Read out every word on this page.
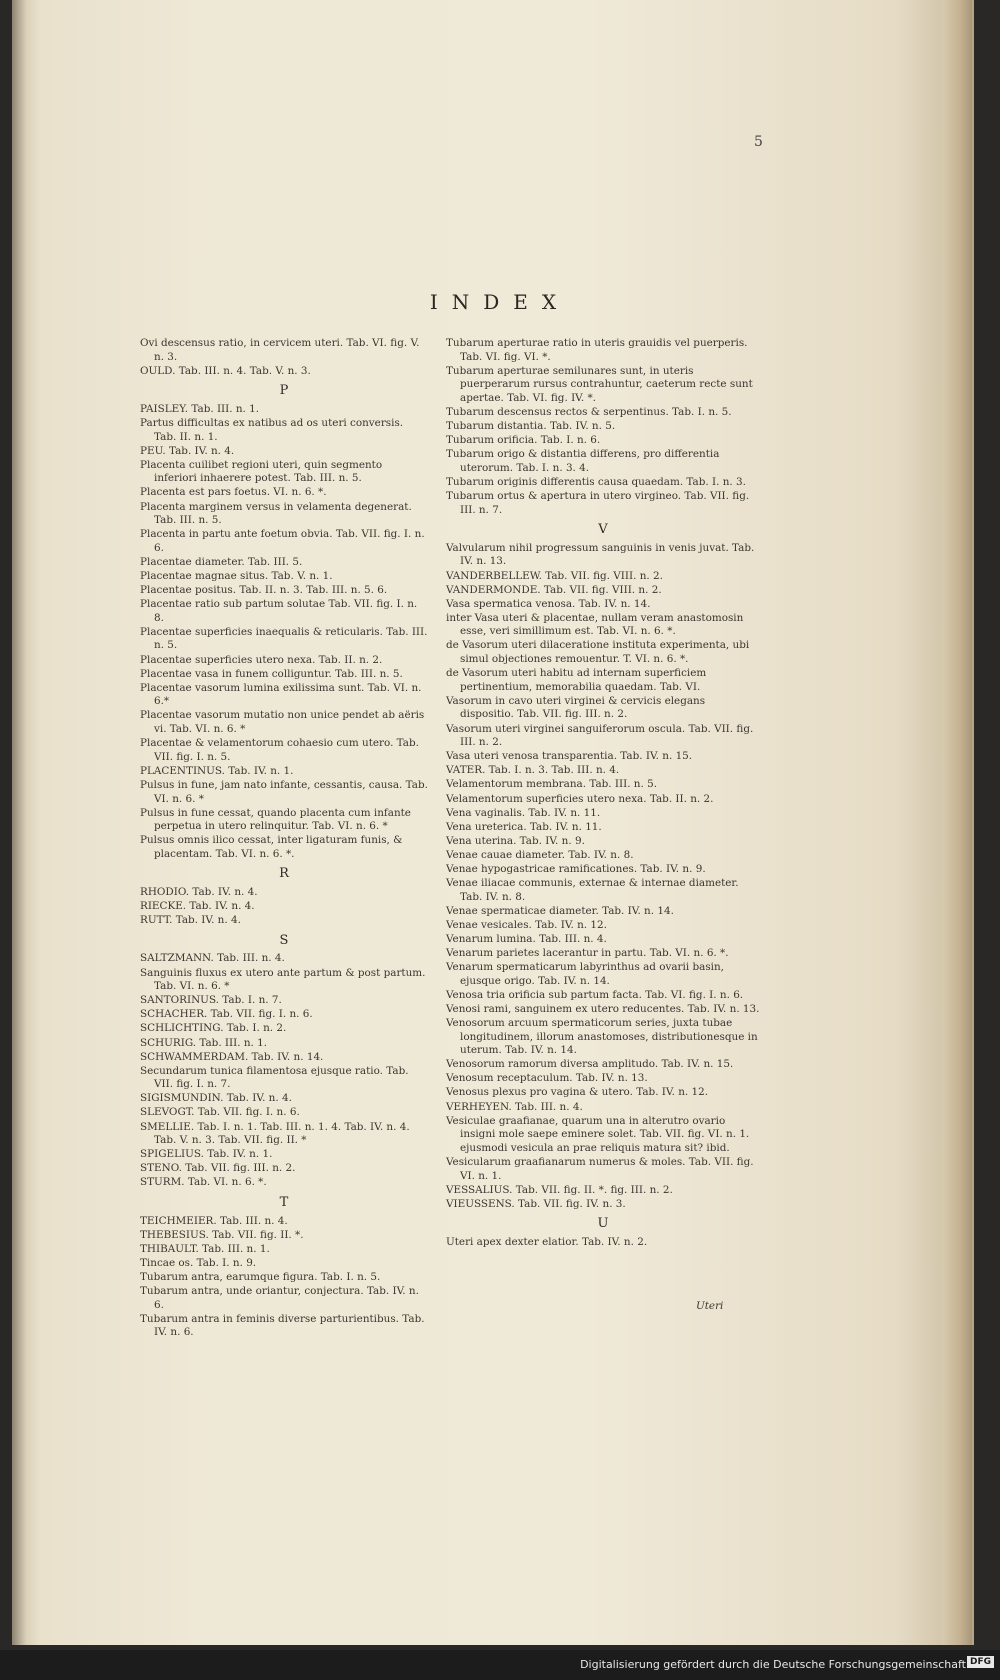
5
INDEX
Ovi descensus ratio, in cervicem uteri. Tab. VI. fig. V. n. 3.
OULD. Tab. III. n. 4. Tab. V. n. 3.
P
PAISLEY. Tab. III. n. 1.
Partus difficultas ex natibus ad os uteri conversis. Tab. II. n. 1.
PEU. Tab. IV. n. 4.
Placenta cuilibet regioni uteri, quin segmento inferiori inhaerere potest. Tab. III. n. 5.
Placenta est pars foetus. VI. n. 6. *.
Placenta marginem versus in velamenta degenerat. Tab. III. n. 5.
Placenta in partu ante foetum obvia. Tab. VII. fig. I. n. 6.
Placentae diameter. Tab. III. 5.
Placentae magnae situs. Tab. V. n. 1.
Placentae positus. Tab. II. n. 3. Tab. III. n. 5. 6.
Placentae ratio sub partum solutae Tab. VII. fig. I. n. 8.
Placentae superficies inaequalis & reticularis. Tab. III. n. 5.
Placentae superficies utero nexa. Tab. II. n. 2.
Placentae vasa in funem colliguntur. Tab. III. n. 5.
Placentae vasorum lumina exilissima sunt. Tab. VI. n. 6.*
Placentae vasorum mutatio non unice pendet ab aëris vi. Tab. VI. n. 6. *
Placentae & velamentorum cohaesio cum utero. Tab. VII. fig. I. n. 5.
PLACENTINUS. Tab. IV. n. 1.
Pulsus in fune, jam nato infante, cessantis, causa. Tab. VI. n. 6. *
Pulsus in fune cessat, quando placenta cum infante perpetua in utero relinquitur. Tab. VI. n. 6. *
Pulsus omnis ilico cessat, inter ligaturam funis, & placentam. Tab. VI. n. 6. *.
R
RHODIO. Tab. IV. n. 4.
RIECKE. Tab. IV. n. 4.
RUTT. Tab. IV. n. 4.
S
SALTZMANN. Tab. III. n. 4.
Sanguinis fluxus ex utero ante partum & post partum. Tab. VI. n. 6. *
SANTORINUS. Tab. I. n. 7.
SCHACHER. Tab. VII. fig. I. n. 6.
SCHLICHTING. Tab. I. n. 2.
SCHURIG. Tab. III. n. 1.
SCHWAMMERDAM. Tab. IV. n. 14.
Secundarum tunica filamentosa ejusque ratio. Tab. VII. fig. I. n. 7.
SIGISMUNDIN. Tab. IV. n. 4.
SLEVOGT. Tab. VII. fig. I. n. 6.
SMELLIE. Tab. I. n. 1. Tab. III. n. 1. 4. Tab. IV. n. 4. Tab. V. n. 3. Tab. VII. fig. II. *
SPIGELIUS. Tab. IV. n. 1.
STENO. Tab. VII. fig. III. n. 2.
STURM. Tab. VI. n. 6. *.
T
TEICHMEIER. Tab. III. n. 4.
THEBESIUS. Tab. VII. fig. II. *.
THIBAULT. Tab. III. n. 1.
Tincae os. Tab. I. n. 9.
Tubarum antra, earumque figura. Tab. I. n. 5.
Tubarum antra, unde oriantur, conjectura. Tab. IV. n. 6.
Tubarum antra in feminis diverse parturientibus. Tab. IV. n. 6.
Tubarum aperturae ratio in uteris grauidis vel puerperis. Tab. VI. fig. VI. *.
Tubarum aperturae semilunares sunt, in uteris puerperarum rursus contrahuntur, caeterum recte sunt apertae. Tab. VI. fig. IV. *.
Tubarum descensus rectos & serpentinus. Tab. I. n. 5.
Tubarum distantia. Tab. IV. n. 5.
Tubarum orificia. Tab. I. n. 6.
Tubarum origo & distantia differens, pro differentia uterorum. Tab. I. n. 3. 4.
Tubarum originis differentis causa quaedam. Tab. I. n. 3.
Tubarum ortus & apertura in utero virgineo. Tab. VII. fig. III. n. 7.
V
Valvularum nihil progressum sanguinis in venis juvat. Tab. IV. n. 13.
VANDERBELLEW. Tab. VII. fig. VIII. n. 2.
VANDERMONDE. Tab. VII. fig. VIII. n. 2.
Vasa spermatica venosa. Tab. IV. n. 14.
inter Vasa uteri & placentae, nullam veram anastomosin esse, veri simillimum est. Tab. VI. n. 6. *.
de Vasorum uteri dilaceratione instituta experimenta, ubi simul objectiones remouentur. T. VI. n. 6. *.
de Vasorum uteri habitu ad internam superficiem pertinentium, memorabilia quaedam. Tab. VI.
Vasorum in cavo uteri virginei & cervicis elegans dispositio. Tab. VII. fig. III. n. 2.
Vasorum uteri virginei sanguiferorum oscula. Tab. VII. fig. III. n. 2.
Vasa uteri venosa transparentia. Tab. IV. n. 15.
VATER. Tab. I. n. 3. Tab. III. n. 4.
Velamentorum membrana. Tab. III. n. 5.
Velamentorum superficies utero nexa. Tab. II. n. 2.
Vena vaginalis. Tab. IV. n. 11.
Vena ureterica. Tab. IV. n. 11.
Vena uterina. Tab. IV. n. 9.
Venae cauae diameter. Tab. IV. n. 8.
Venae hypogastricae ramificationes. Tab. IV. n. 9.
Venae iliacae communis, externae & internae diameter. Tab. IV. n. 8.
Venae spermaticae diameter. Tab. IV. n. 14.
Venae vesicales. Tab. IV. n. 12.
Venarum lumina. Tab. III. n. 4.
Venarum parietes lacerantur in partu. Tab. VI. n. 6. *.
Venarum spermaticarum labyrinthus ad ovarii basin, ejusque origo. Tab. IV. n. 14.
Venosa tria orificia sub partum facta. Tab. VI. fig. I. n. 6.
Venosi rami, sanguinem ex utero reducentes. Tab. IV. n. 13.
Venosorum arcuum spermaticorum series, juxta tubae longitudinem, illorum anastomoses, distributionesque in uterum. Tab. IV. n. 14.
Venosorum ramorum diversa amplitudo. Tab. IV. n. 15.
Venosum receptaculum. Tab. IV. n. 13.
Venosus plexus pro vagina & utero. Tab. IV. n. 12.
VERHEYEN. Tab. III. n. 4.
Vesiculae graafianae, quarum una in alterutro ovario insigni mole saepe eminere solet. Tab. VII. fig. VI. n. 1. ejusmodi vesicula an prae reliquis matura sit? ibid.
Vesicularum graafianarum numerus & moles. Tab. VII. fig. VI. n. 1.
VESSALIUS. Tab. VII. fig. II. *. fig. III. n. 2.
VIEUSSENS. Tab. VII. fig. IV. n. 3.
U
Uteri apex dexter elatior. Tab. IV. n. 2.
Uteri
Digitalisierung gefördert durch die Deutsche Forschungsgemeinschaft DFG
